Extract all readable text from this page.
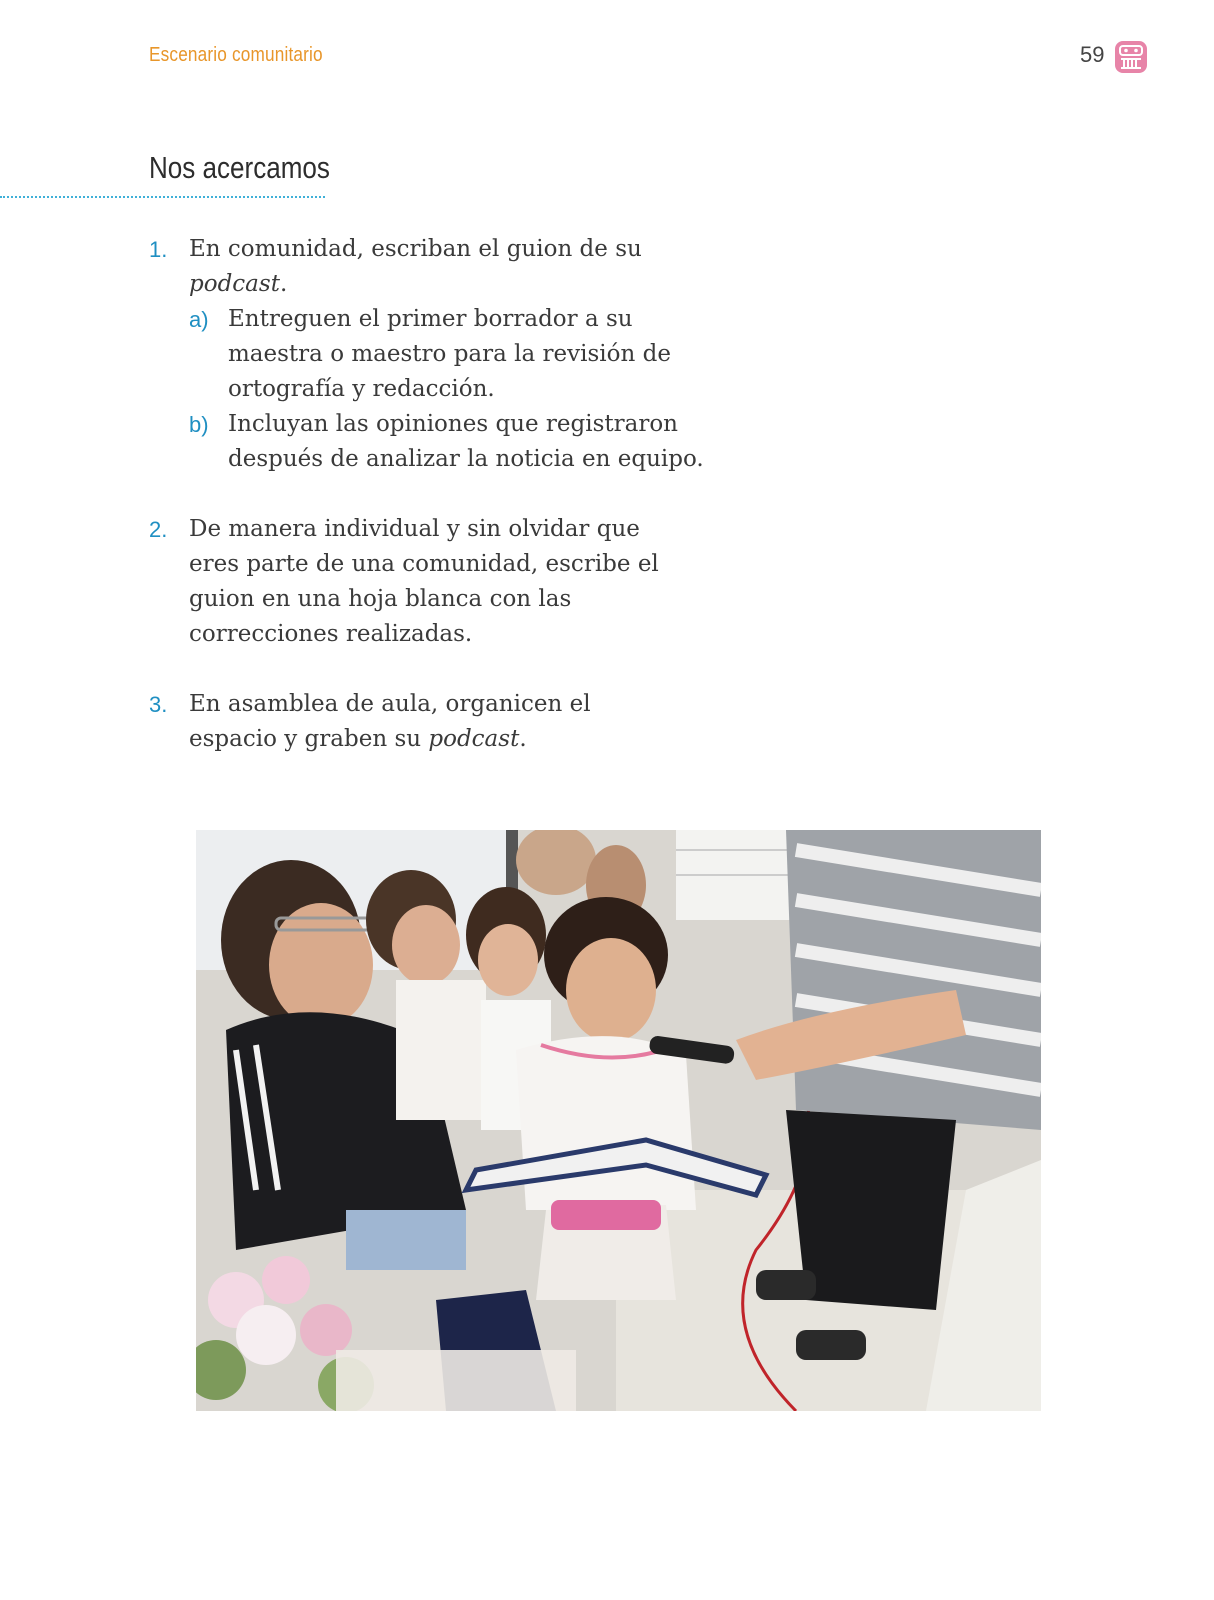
Escenario comunitario	59
Nos acercamos
1. En comunidad, escriban el guion de su podcast.
a) Entreguen el primer borrador a su maestra o maestro para la revisión de ortografía y redacción.
b) Incluyan las opiniones que registraron después de analizar la noticia en equipo.
2. De manera individual y sin olvidar que eres parte de una comunidad, escribe el guion en una hoja blanca con las correcciones realizadas.
3. En asamblea de aula, organicen el espacio y graben su podcast.
